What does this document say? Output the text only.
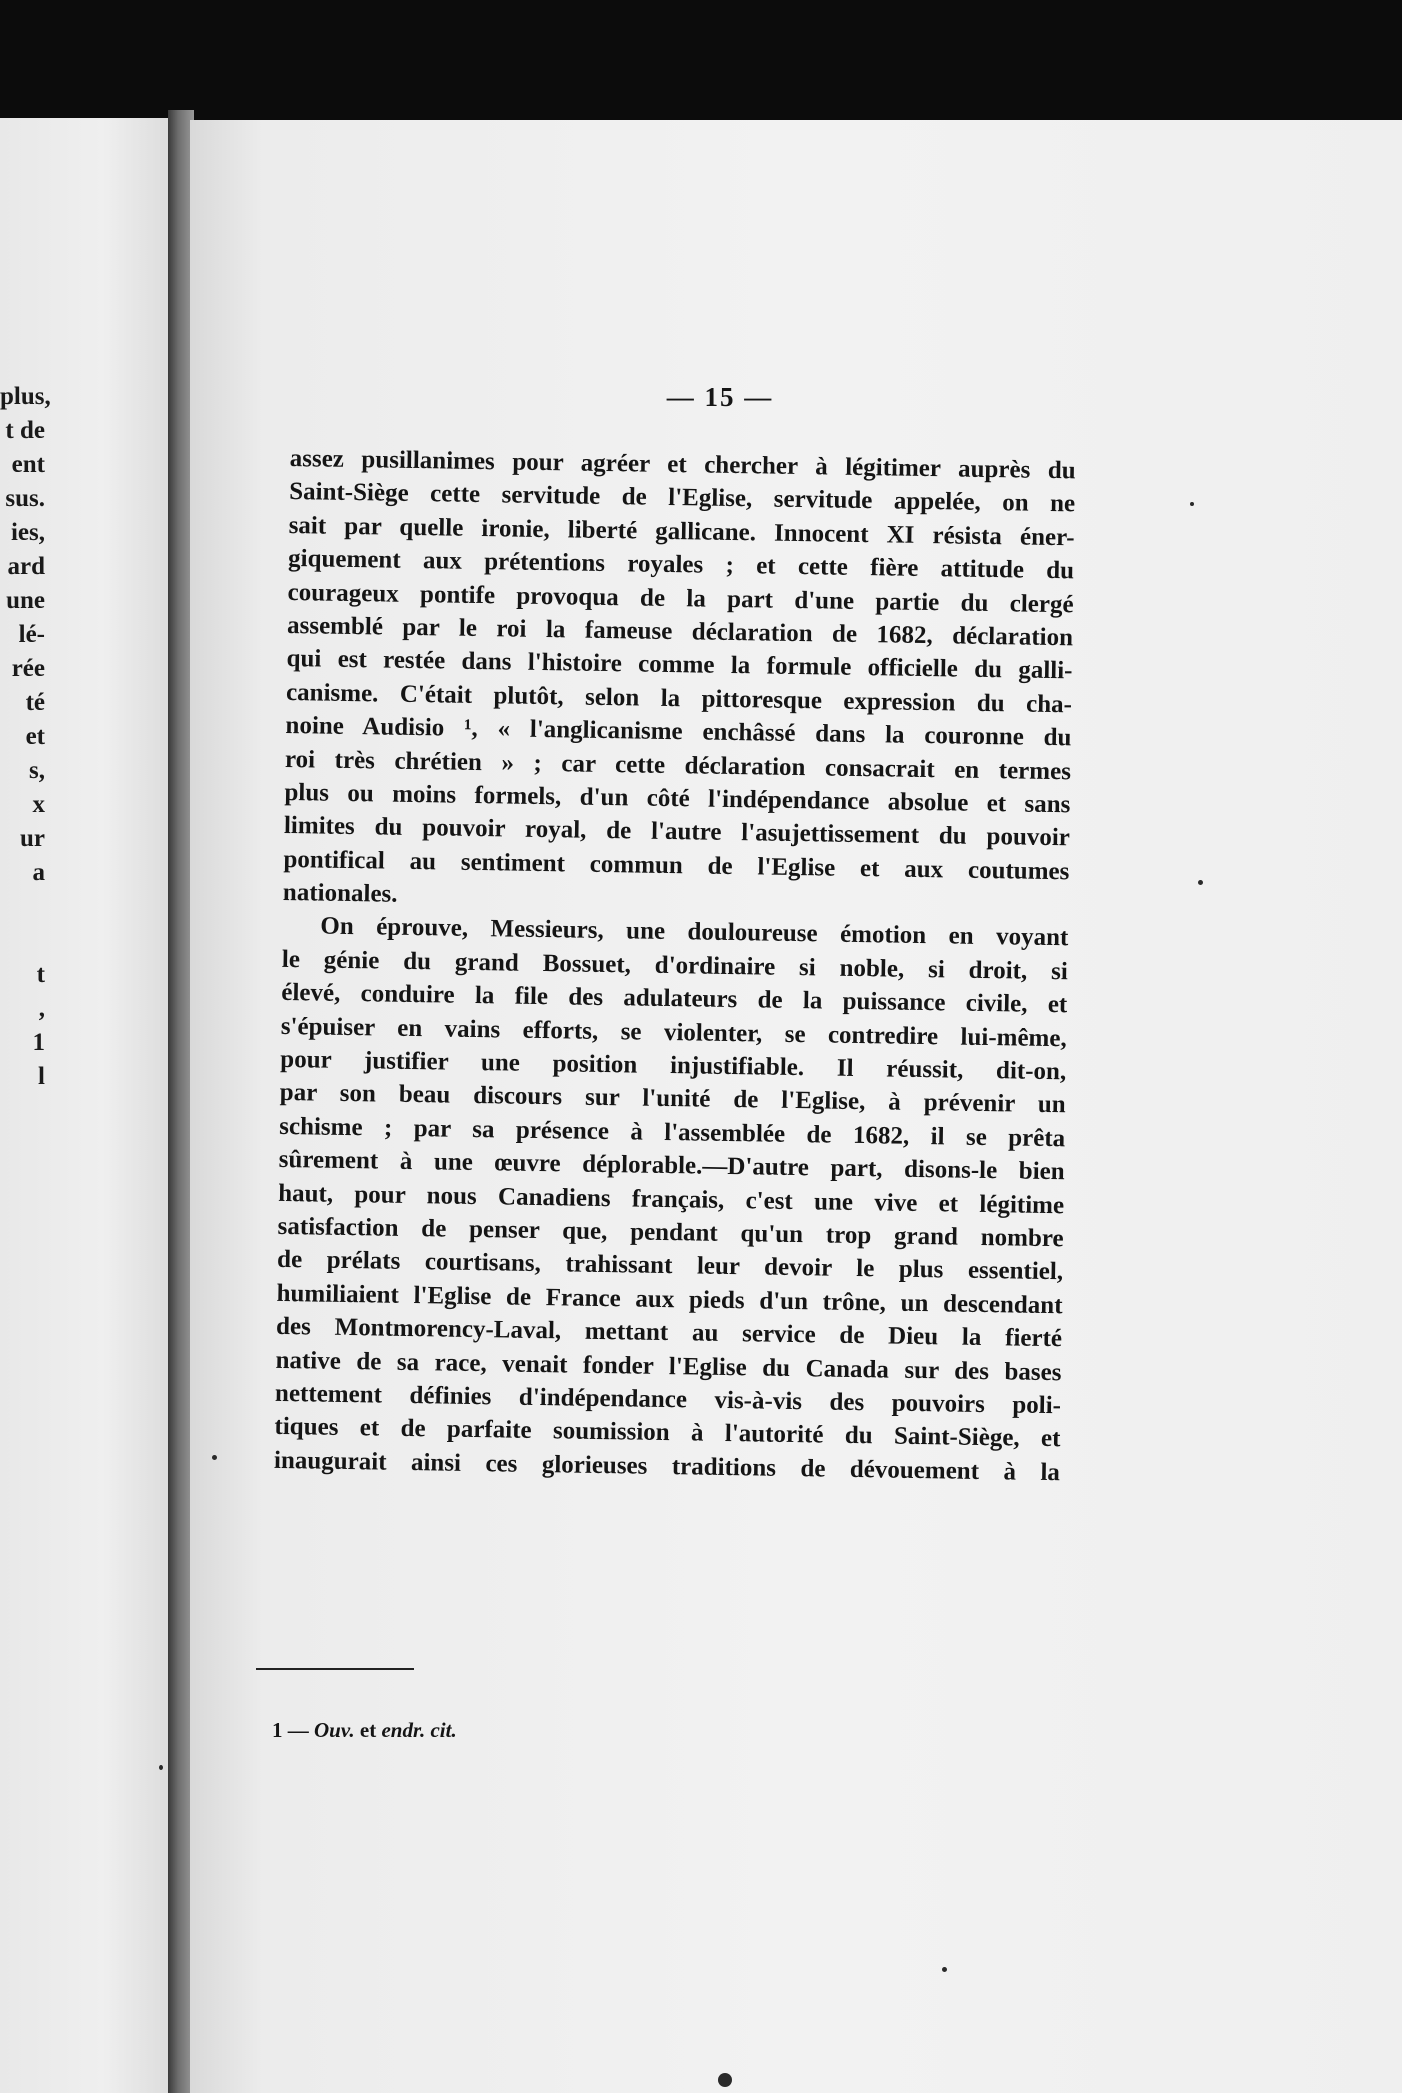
plus,
t de
ent
sus.
ies,
ard
une
lé-
rée
té
et
s,
x
ur
a
t
,
1
l
— 15 —
assez pusillanimes pour agréer et chercher à légitimer auprès du
Saint-Siège cette servitude de l'Eglise, servitude appelée, on ne
sait par quelle ironie, liberté gallicane. Innocent XI résista éner-
giquement aux prétentions royales ; et cette fière attitude du
courageux pontife provoqua de la part d'une partie du clergé
assemblé par le roi la fameuse déclaration de 1682, déclaration
qui est restée dans l'histoire comme la formule officielle du galli-
canisme. C'était plutôt, selon la pittoresque expression du cha-
noine Audisio ¹, « l'anglicanisme enchâssé dans la couronne du
roi très chrétien » ; car cette déclaration consacrait en termes
plus ou moins formels, d'un côté l'indépendance absolue et sans
limites du pouvoir royal, de l'autre l'asujettissement du pouvoir
pontifical au sentiment commun de l'Eglise et aux coutumes
nationales.
On éprouve, Messieurs, une douloureuse émotion en voyant
le génie du grand Bossuet, d'ordinaire si noble, si droit, si
élevé, conduire la file des adulateurs de la puissance civile, et
s'épuiser en vains efforts, se violenter, se contredire lui-même,
pour justifier une position injustifiable. Il réussit, dit-on,
par son beau discours sur l'unité de l'Eglise, à prévenir un
schisme ; par sa présence à l'assemblée de 1682, il se prêta
sûrement à une œuvre déplorable.—D'autre part, disons-le bien
haut, pour nous Canadiens français, c'est une vive et légitime
satisfaction de penser que, pendant qu'un trop grand nombre
de prélats courtisans, trahissant leur devoir le plus essentiel,
humiliaient l'Eglise de France aux pieds d'un trône, un descendant
des Montmorency-Laval, mettant au service de Dieu la fierté
native de sa race, venait fonder l'Eglise du Canada sur des bases
nettement définies d'indépendance vis-à-vis des pouvoirs poli-
tiques et de parfaite soumission à l'autorité du Saint-Siège, et
inaugurait ainsi ces glorieuses traditions de dévouement à la
1 — Ouv. et endr. cit.
